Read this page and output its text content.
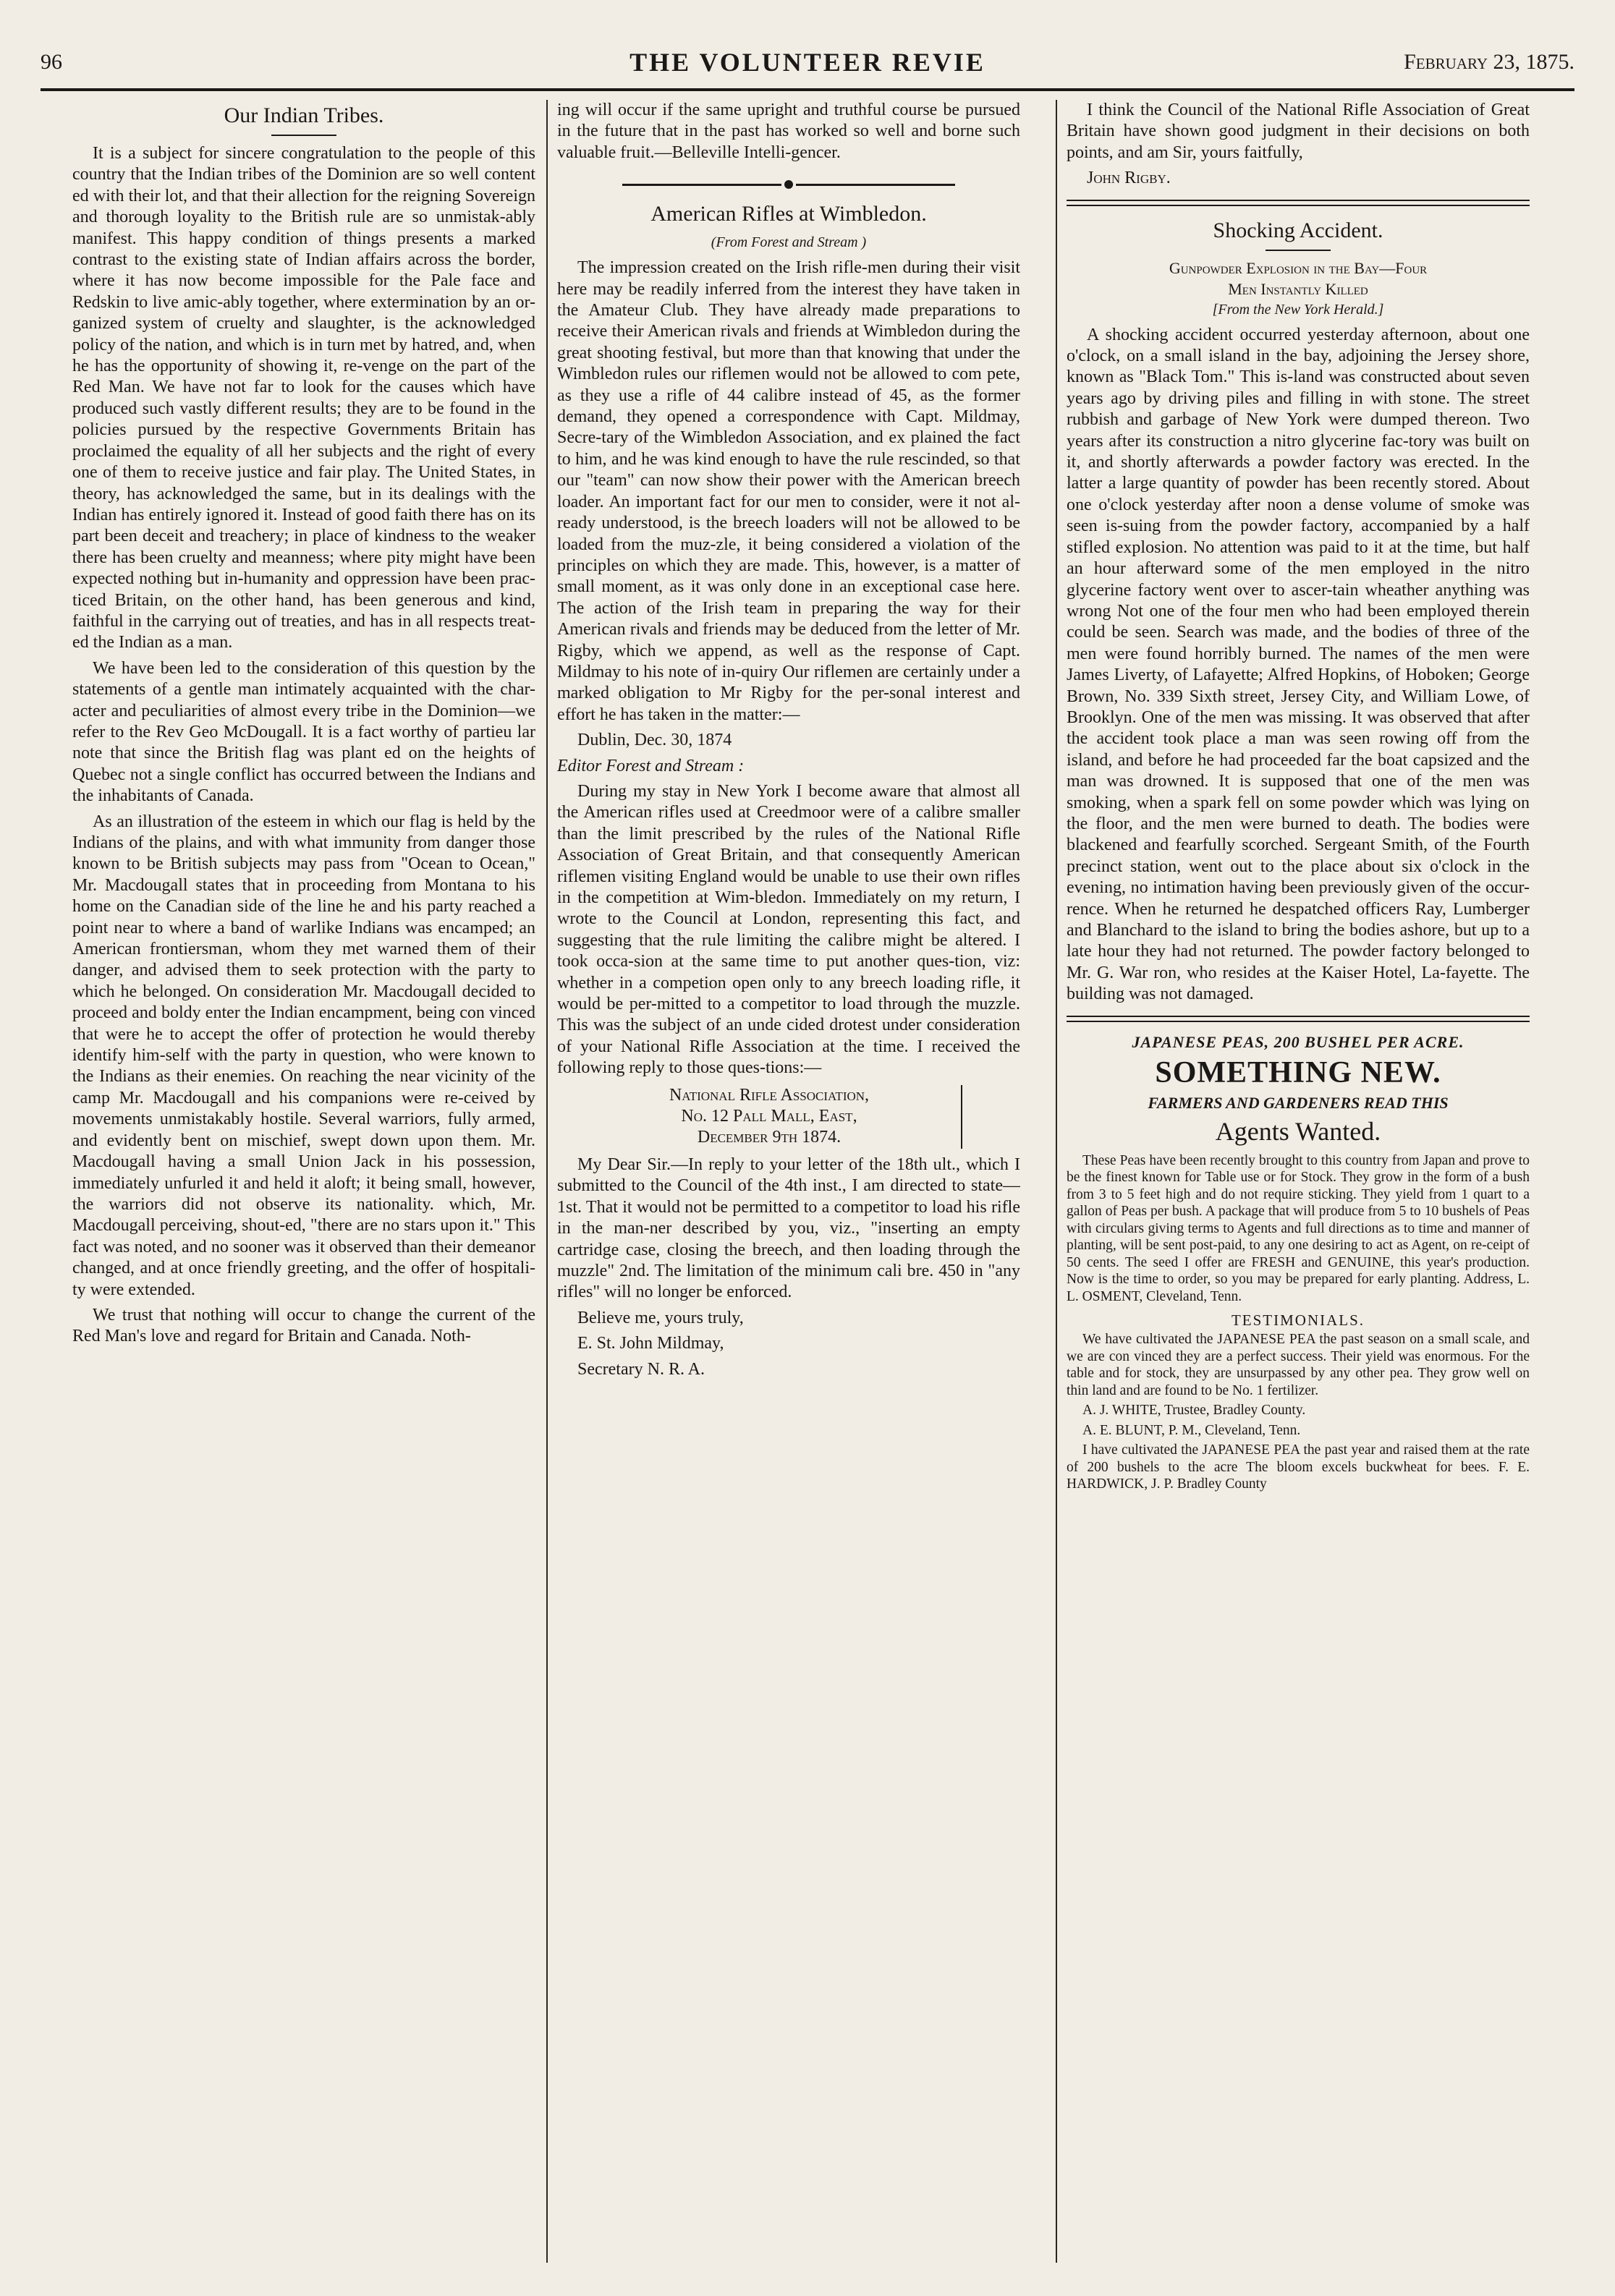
96	THE VOLUNTEER REVIE	February 23, 1875.
Our Indian Tribes.

It is a subject for sincere congratulation to the people of this country that the Indian tribes of the Dominion are so well content ed with their lot, and that their allection for the reigning Sovereign and thorough loyality to the British rule are so unmistak-ably manifest. This happy condition of things presents a marked contrast to the existing state of Indian affairs across the border, where it has now become impossible for the Pale face and Redskin to live amic-ably together, where extermination by an or-ganized system of cruelty and slaughter, is the acknowledged policy of the nation, and which is in turn met by hatred, and, when he has the opportunity of showing it, re-venge on the part of the Red Man. We have not far to look for the causes which have produced such vastly different results; they are to be found in the policies pursued by the respective Governments Britain has proclaimed the equality of all her subjects and the right of every one of them to receive justice and fair play. The United States, in theory, has acknowledged the same, but in its dealings with the Indian has entirely ignored it. Instead of good faith there has on its part been deceit and treachery; in place of kindness to the weaker there has been cruelty and meanness; where pity might have been expected nothing but in-humanity and oppression have been prac-ticed Britain, on the other hand, has been generous and kind, faithful in the carrying out of treaties, and has in all respects treat-ed the Indian as a man.

We have been led to the consideration of this question by the statements of a gentle man intimately acquainted with the char-acter and peculiarities of almost every tribe in the Dominion—we refer to the Rev Geo McDougall. It is a fact worthy of partieu lar note that since the British flag was plant ed on the heights of Quebec not a single conflict has occurred between the Indians and the inhabitants of Canada.

As an illustration of the esteem in which our flag is held by the Indians of the plains, and with what immunity from danger those known to be British subjects may pass from "Ocean to Ocean," Mr. Macdougall states that in proceeding from Montana to his home on the Canadian side of the line he and his party reached a point near to where a band of warlike Indians was encamped; an American frontiersman, whom they met warned them of their danger, and advised them to seek protection with the party to which he belonged. On consideration Mr. Macdougall decided to proceed and boldy enter the Indian encampment, being con vinced that were he to accept the offer of protection he would thereby identify him-self with the party in question, who were known to the Indians as their enemies. On reaching the near vicinity of the camp Mr. Macdougall and his companions were re-ceived by movements unmistakably hostile. Several warriors, fully armed, and evidently bent on mischief, swept down upon them. Mr. Macdougall having a small Union Jack in his possession, immediately unfurled it and held it aloft; it being small, however, the warriors did not observe its nationality. which, Mr. Macdougall perceiving, shout-ed, "there are no stars upon it." This fact was noted, and no sooner was it observed than their demeanor changed, and at once friendly greeting, and the offer of hospitali-ty were extended.

We trust that nothing will occur to change the current of the Red Man's love and regard for Britain and Canada. Noth-

ing will occur if the same upright and truthful course be pursued in the future that in the past has worked so well and borne such valuable fruit.—Belleville Intelli-gencer.

American Rifles at Wimbledon.
(From Forest and Stream )

The impression created on the Irish rifle-men during their visit here may be readily inferred from the interest they have taken in the Amateur Club. They have already made preparations to receive their American rivals and friends at Wimbledon during the great shooting festival, but more than that knowing that under the Wimbledon rules our riflemen would not be allowed to com pete, as they use a rifle of 44 calibre instead of 45, as the former demand, they opened a correspondence with Capt. Mildmay, Secre-tary of the Wimbledon Association, and ex plained the fact to him, and he was kind enough to have the rule rescinded, so that our "team" can now show their power with the American breech loader. An important fact for our men to consider, were it not al-ready understood, is the breech loaders will not be allowed to be loaded from the muz-zle, it being considered a violation of the principles on which they are made. This, however, is a matter of small moment, as it was only done in an exceptional case here. The action of the Irish team in preparing the way for their American rivals and friends may be deduced from the letter of Mr. Rigby, which we append, as well as the response of Capt. Mildmay to his note of in-quiry Our riflemen are certainly under a marked obligation to Mr Rigby for the per-sonal interest and effort he has taken in the matter:—

Dublin, Dec. 30, 1874

Editor Forest and Stream :

During my stay in New York I become aware that almost all the American rifles used at Creedmoor were of a calibre smaller than the limit prescribed by the rules of the National Rifle Association of Great Britain, and that consequently American riflemen visiting England would be unable to use their own rifles in the competition at Wim-bledon. Immediately on my return, I wrote to the Council at London, representing this fact, and suggesting that the rule limiting the calibre might be altered. I took occa-sion at the same time to put another ques-tion, viz: whether in a competion open only to any breech loading rifle, it would be per-mitted to a competitor to load through the muzzle. This was the subject of an unde cided drotest under consideration of your National Rifle Association at the time. I received the following reply to those ques-tions:—

National Rifle Association,
No. 12 Pall Mall, East,
December 9th 1874.

My Dear Sir.—In reply to your letter of the 18th ult., which I submitted to the Council of the 4th inst., I am directed to state—1st. That it would not be permitted to a competitor to load his rifle in the man-ner described by you, viz., "inserting an empty cartridge case, closing the breech, and then loading through the muzzle" 2nd. The limitation of the minimum cali bre. 450 in "any rifles" will no longer be enforced.

Believe me, yours truly,

E. St. John Mildmay,

Secretary N. R. A.

I think the Council of the National Rifle Association of Great Britain have shown good judgment in their decisions on both points, and am Sir, yours faitfully,

John Rigby.

Shocking Accident.
Gunpowder Explosion in the Bay—Four
Men Instantly Killed
[From the New York Herald.]

A shocking accident occurred yesterday afternoon, about one o'clock, on a small island in the bay, adjoining the Jersey shore, known as "Black Tom." This is-land was constructed about seven years ago by driving piles and filling in with stone. The street rubbish and garbage of New York were dumped thereon. Two years after its construction a nitro glycerine fac-tory was built on it, and shortly afterwards a powder factory was erected. In the latter a large quantity of powder has been recently stored. About one o'clock yesterday after noon a dense volume of smoke was seen is-suing from the powder factory, accompanied by a half stifled explosion. No attention was paid to it at the time, but half an hour afterward some of the men employed in the nitro glycerine factory went over to ascer-tain wheather anything was wrong Not one of the four men who had been employed therein could be seen. Search was made, and the bodies of three of the men were found horribly burned. The names of the men were James Liverty, of Lafayette; Alfred Hopkins, of Hoboken; George Brown, No. 339 Sixth street, Jersey City, and William Lowe, of Brooklyn. One of the men was missing. It was observed that after the accident took place a man was seen rowing off from the island, and before he had proceeded far the boat capsized and the man was drowned. It is supposed that one of the men was smoking, when a spark fell on some powder which was lying on the floor, and the men were burned to death. The bodies were blackened and fearfully scorched. Sergeant Smith, of the Fourth precinct station, went out to the place about six o'clock in the evening, no intimation having been previously given of the occur-rence. When he returned he despatched officers Ray, Lumberger and Blanchard to the island to bring the bodies ashore, but up to a late hour they had not returned. The powder factory belonged to Mr. G. War ron, who resides at the Kaiser Hotel, La-fayette. The building was not damaged.

JAPANESE PEAS, 200 BUSHEL PER ACRE.
SOMETHING NEW.
FARMERS AND GARDENERS READ THIS
Agents Wanted.

These Peas have been recently brought to this country from Japan and prove to be the finest known for Table use or for Stock. They grow in the form of a bush from 3 to 5 feet high and do not require sticking. They yield from 1 quart to a gallon of Peas per bush. A package that will produce from 5 to 10 bushels of Peas with circulars giving terms to Agents and full directions as to time and manner of planting, will be sent post-paid, to any one desiring to act as Agent, on re-ceipt of 50 cents. The seed I offer are FRESH and GENUINE, this year's production. Now is the time to order, so you may be prepared for early planting. Address, L. L. OSMENT, Cleveland, Tenn.

TESTIMONIALS.

We have cultivated the JAPANESE PEA the past season on a small scale, and we are con vinced they are a perfect success. Their yield was enormous. For the table and for stock, they are unsurpassed by any other pea. They grow well on thin land and are found to be No. 1 fertilizer.

A. J. WHITE, Trustee, Bradley County.

A. E. BLUNT, P. M., Cleveland, Tenn.

I have cultivated the JAPANESE PEA the past year and raised them at the rate of 200 bushels to the acre The bloom excels buckwheat for bees. F. E. HARDWICK, J. P. Bradley County
